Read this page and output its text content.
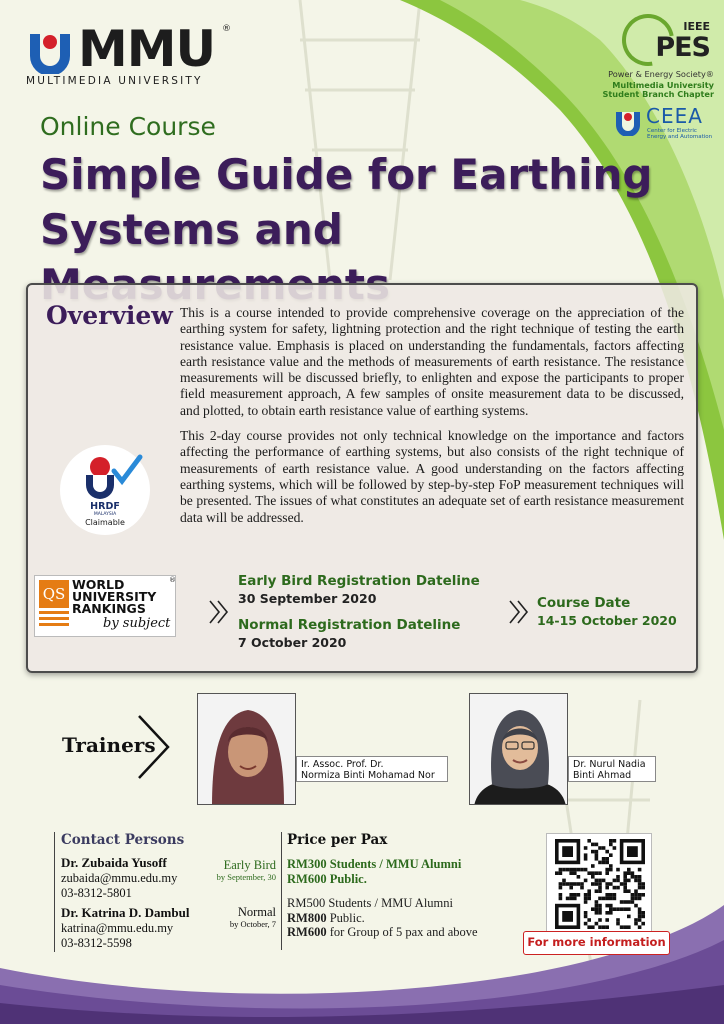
MMU ®
MULTIMEDIA UNIVERSITY
IEEE
PES
Power & Energy Society®
Multimedia University
Student Branch Chapter
CEEA
Center for Electric Energy and Automation
Online Course
Simple Guide for Earthing
Systems and
Overview This is a course intended to provide comprehensive coverage on the appreciation of the earthing system for safety, lightning protection and the right technique of testing the earth resistance value. Emphasis is placed on understanding the fundamentals, factors affecting earth resistance value and the methods of measurements of earth resistance. The resistance measurements will be discussed briefly, to enlighten and expose the participants to proper field measurement approach, A few samples of onsite measurement data to be discussed, and plotted, to obtain earth resistance value of earthing systems.

This 2-day course provides not only technical knowledge on the importance and factors affecting the performance of earthing systems, but also consists of the right technique of measurements of earth resistance value. A good understanding on the factors affecting earthing systems, which will be followed by step-by-step FoP measurement techniques will be presented. The issues of what constitutes an adequate set of earth resistance measurement data will be addressed.

HRDF
MALAYSIA
Claimable
QS
WORLD
UNIVERSITY
RANKINGS
by subject
®	Early Bird Registration Dateline
30 September 2020
Normal Registration Dateline
7 October 2020
Course Date
14-15 October 2020
Trainers
Ir. Assoc. Prof. Dr.
Normiza Binti Mohamad Nor
Dr. Nurul Nadia
Binti Ahmad
Contact Persons
Dr. Zubaida Yusoff
zubaida@mmu.edu.my
03-8312-5801
Dr. Katrina D. Dambul
katrina@mmu.edu.my
03-8312-5598
Early Bird
by September, 30
Normal
by October, 7
Price per Pax
RM300 Students / MMU Alumni
RM600 Public.
RM500 Students / MMU Alumni
RM800 Public.
RM600 for Group of 5 pax and above
For more information
